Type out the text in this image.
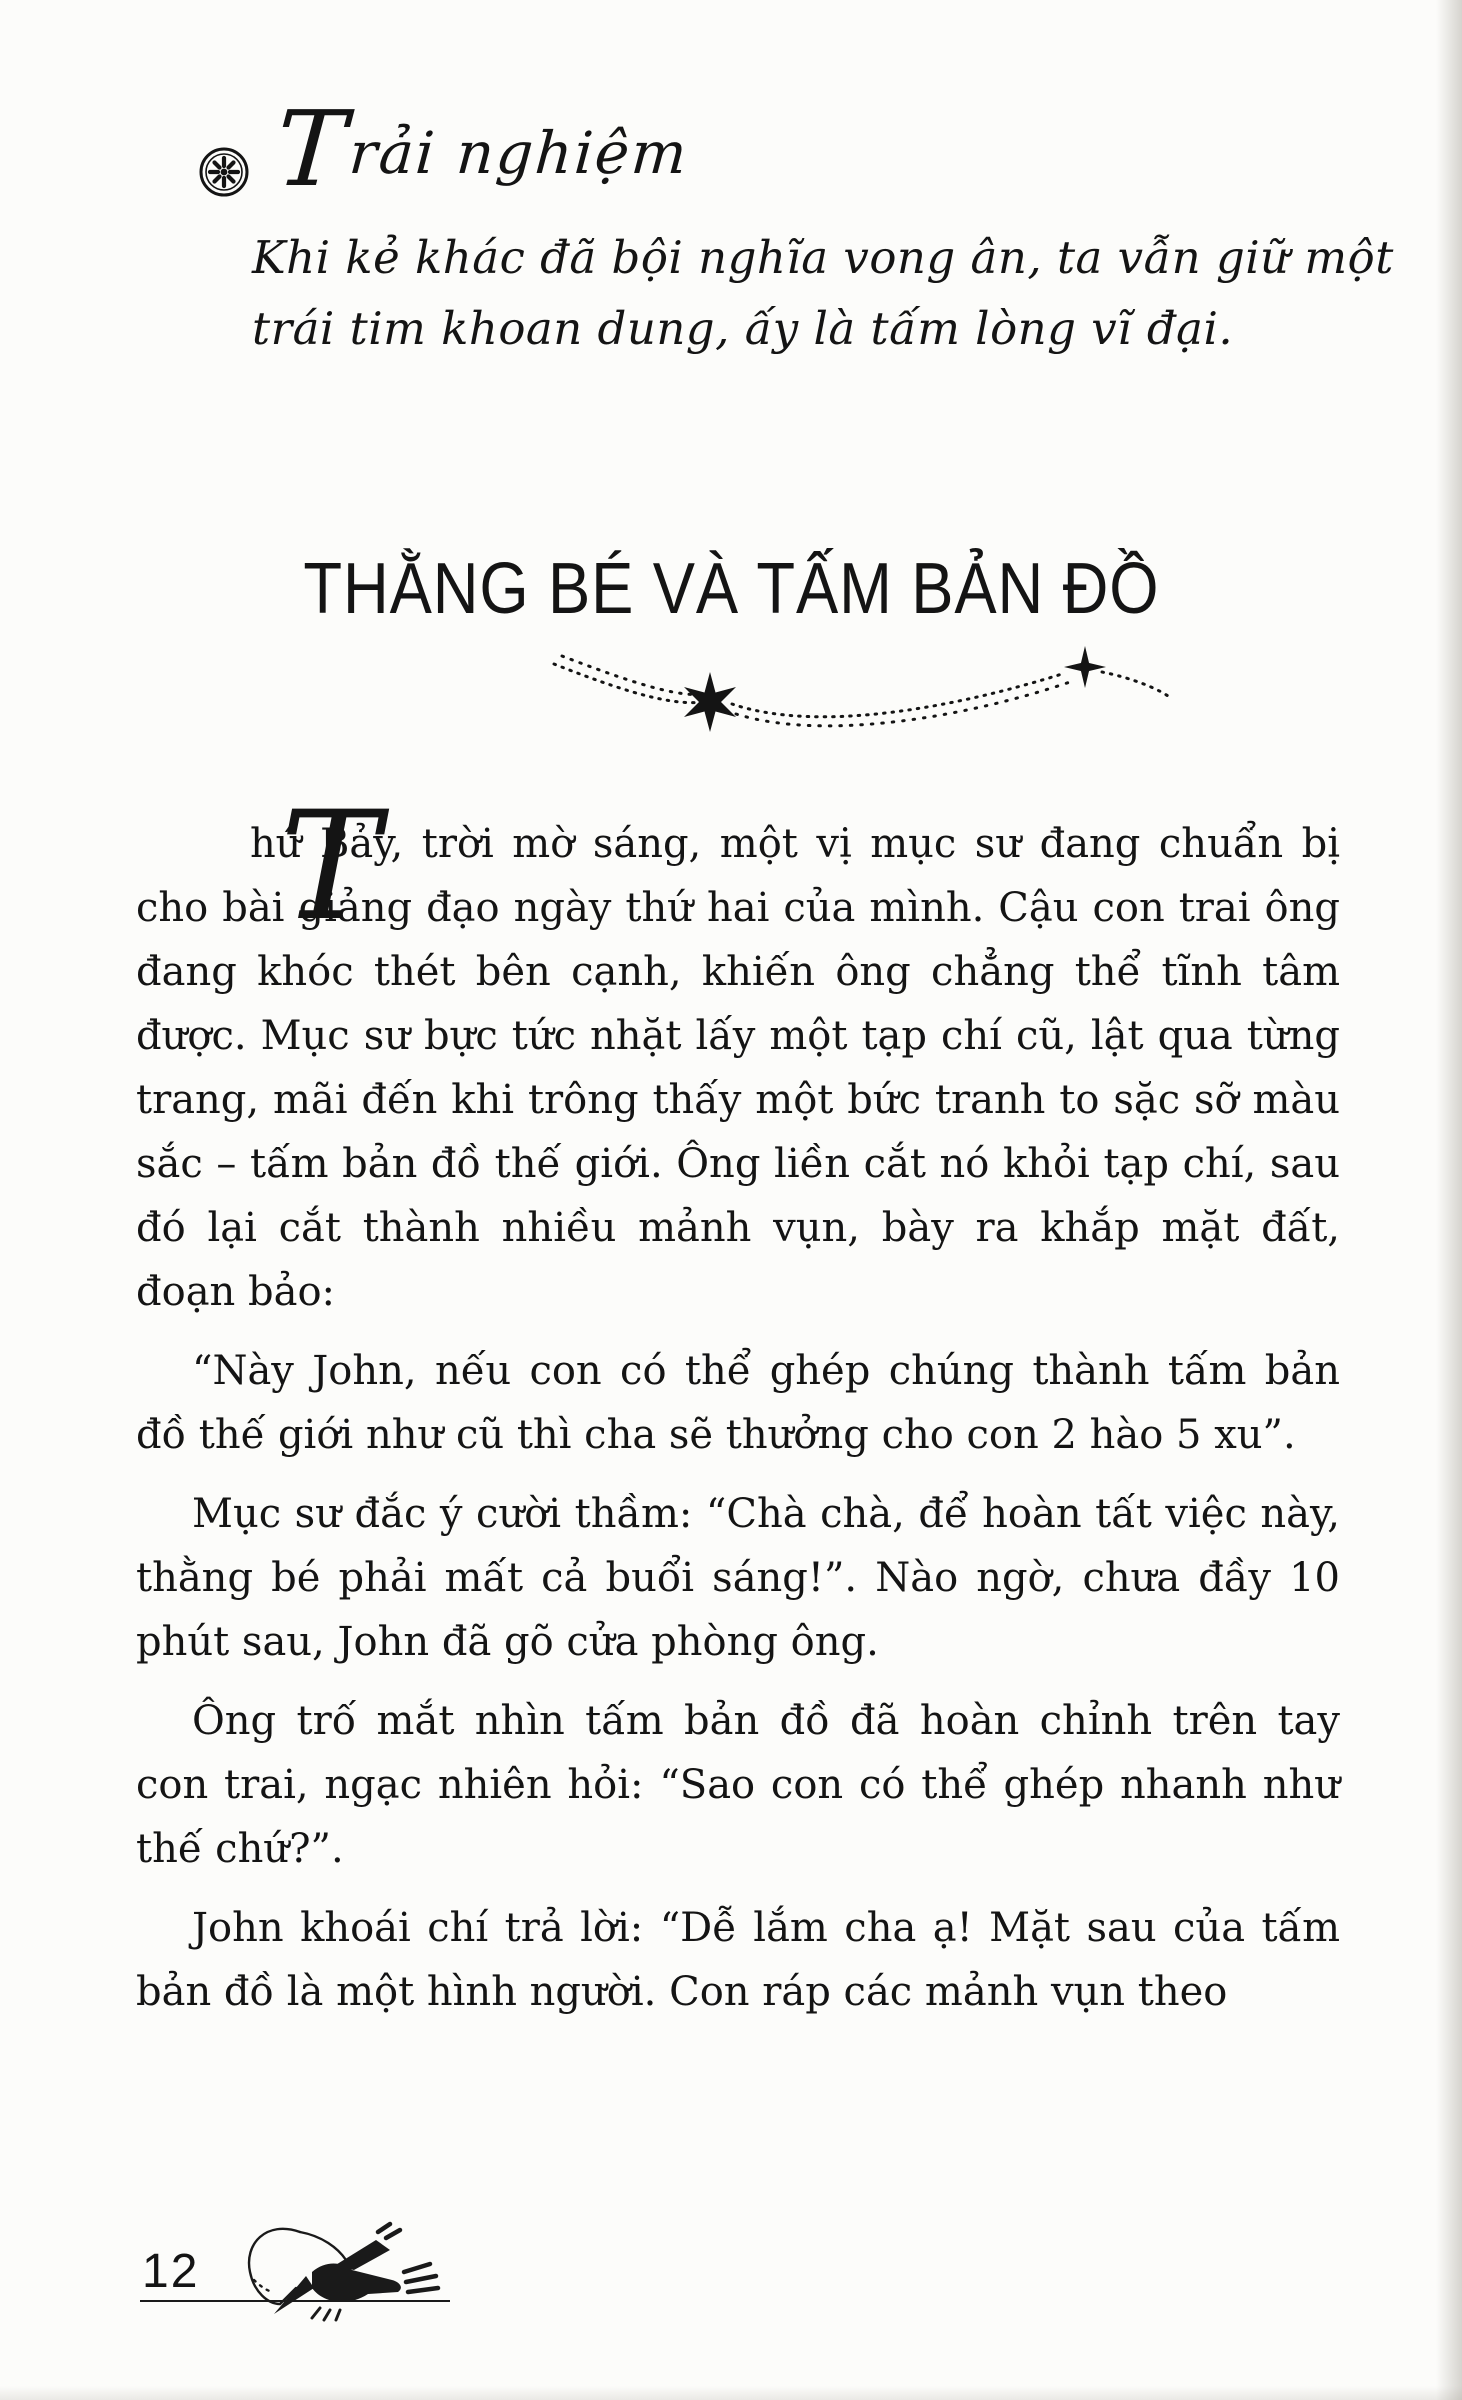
Trải nghiệm
Khi kẻ khác đã bội nghĩa vong ân, ta vẫn giữ một
trái tim khoan dung, ấy là tấm lòng vĩ đại.
THẰNG BÉ VÀ TẤM BẢN ĐỒ

T
hứ Bảy, trời mờ sáng, một vị mục sư đang chuẩn bị cho bài giảng đạo ngày thứ hai của mình. Cậu con trai ông đang khóc thét bên cạnh, khiến ông chẳng thể tĩnh tâm được. Mục sư bực tức nhặt lấy một tạp chí cũ, lật qua từng trang, mãi đến khi trông thấy một bức tranh to sặc sỡ màu sắc – tấm bản đồ thế giới. Ông liền cắt nó khỏi tạp chí, sau đó lại cắt thành nhiều mảnh vụn, bày ra khắp mặt đất, đoạn bảo:

“Này John, nếu con có thể ghép chúng thành tấm bản đồ thế giới như cũ thì cha sẽ thưởng cho con 2 hào 5 xu”.

Mục sư đắc ý cười thầm: “Chà chà, để hoàn tất việc này, thằng bé phải mất cả buổi sáng!”. Nào ngờ, chưa đầy 10 phút sau, John đã gõ cửa phòng ông.

Ông trố mắt nhìn tấm bản đồ đã hoàn chỉnh trên tay con trai, ngạc nhiên hỏi: “Sao con có thể ghép nhanh như thế chứ?”.

John khoái chí trả lời: “Dễ lắm cha ạ! Mặt sau của tấm bản đồ là một hình người. Con ráp các mảnh vụn theo

12
